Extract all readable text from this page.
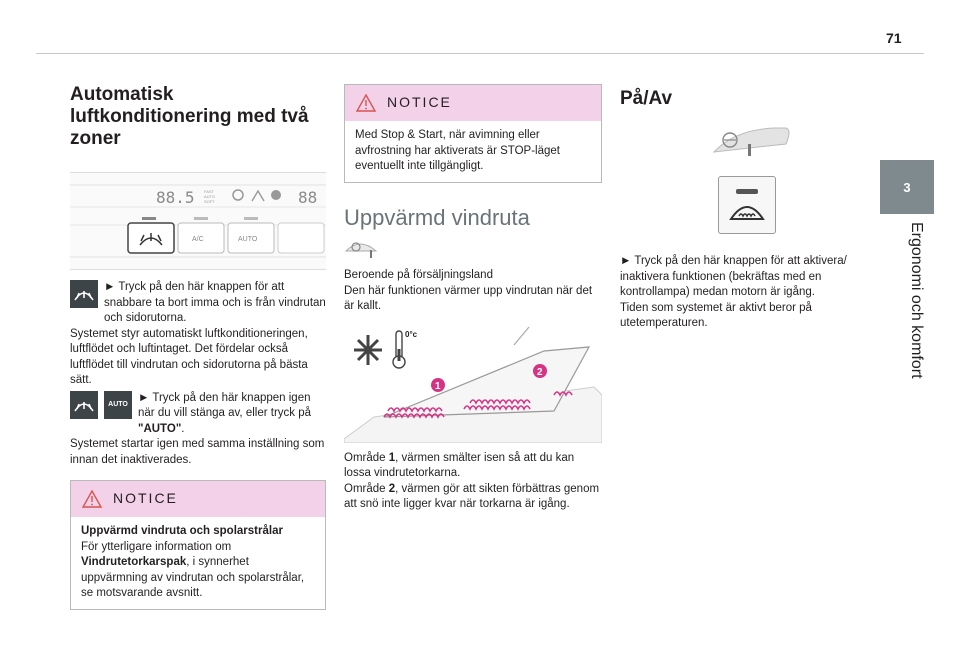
71
3
Ergonomi och komfort
Automatisk
luftkonditionering med två
zoner
88.5 FAST
AUTO
SOFT	88
A/C	AUTO

► Tryck på den här knappen för att snabbare ta bort imma och is från vindrutan och sidorutorna.

Systemet styr automatiskt luftkonditioneringen, luftflödet och luftintaget. Det fördelar också luftflödet till vindrutan och sidorutorna på bästa sätt.

AUTO

► Tryck på den här knappen igen när du vill stänga av, eller tryck på "AUTO".

Systemet startar igen med samma inställning som innan det inaktiverades.

NOTICE

Uppvärmd vindruta och spolarstrålar

För ytterligare information om Vindrutetorkarspak, i synnerhet uppvärmning av vindrutan och spolarstrålar, se motsvarande avsnitt.

NOTICE

Med Stop & Start, när avimning eller avfrostning har aktiverats är STOP-läget eventuellt inte tillgängligt.

Uppvärmd vindruta

Beroende på försäljningsland

Den här funktionen värmer upp vindrutan när det är kallt.

0°c
1
2

Område 1, värmen smälter isen så att du kan lossa vindrutetorkarna.

Område 2, värmen gör att sikten förbättras genom att snö inte ligger kvar när torkarna är igång.

På/Av

► Tryck på den här knappen för att aktivera/ inaktivera funktionen (bekräftas med en kontrollampa) medan motorn är igång.

Tiden som systemet är aktivt beror på utetemperaturen.
